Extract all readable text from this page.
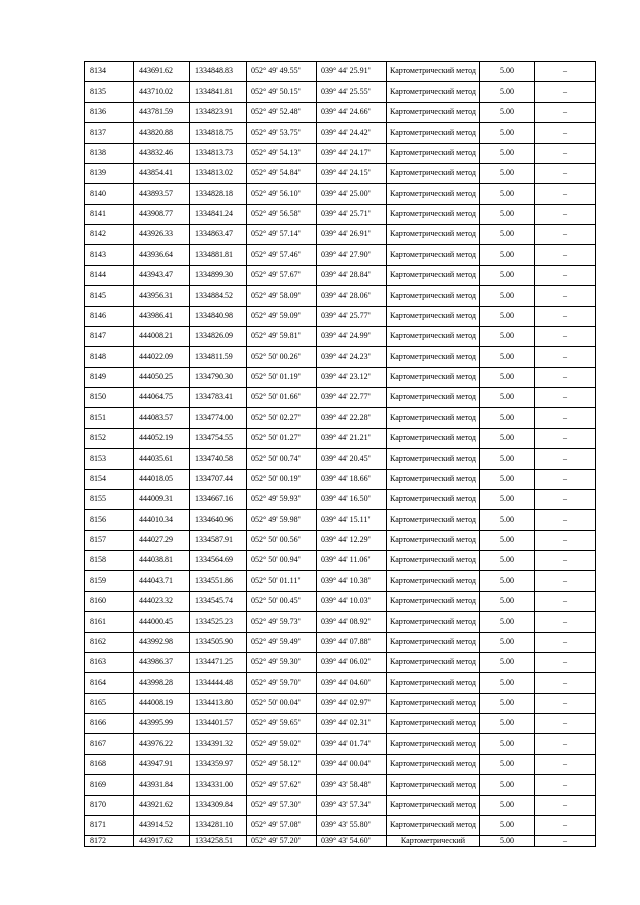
8134	443691.62	1334848.83	052° 49' 49.55"	039° 44' 25.91"	Картометрический метод	5.00	–
8135	443710.02	1334841.81	052° 49' 50.15"	039° 44' 25.55"	Картометрический метод	5.00	–
8136	443781.59	1334823.91	052° 49' 52.48"	039° 44' 24.66"	Картометрический метод	5.00	–
8137	443820.88	1334818.75	052° 49' 53.75"	039° 44' 24.42"	Картометрический метод	5.00	–
8138	443832.46	1334813.73	052° 49' 54.13"	039° 44' 24.17"	Картометрический метод	5.00	–
8139	443854.41	1334813.02	052° 49' 54.84"	039° 44' 24.15"	Картометрический метод	5.00	–
8140	443893.57	1334828.18	052° 49' 56.10"	039° 44' 25.00"	Картометрический метод	5.00	–
8141	443908.77	1334841.24	052° 49' 56.58"	039° 44' 25.71"	Картометрический метод	5.00	–
8142	443926.33	1334863.47	052° 49' 57.14"	039° 44' 26.91"	Картометрический метод	5.00	–
8143	443936.64	1334881.81	052° 49' 57.46"	039° 44' 27.90"	Картометрический метод	5.00	–
8144	443943.47	1334899.30	052° 49' 57.67"	039° 44' 28.84"	Картометрический метод	5.00	–
8145	443956.31	1334884.52	052° 49' 58.09"	039° 44' 28.06"	Картометрический метод	5.00	–
8146	443986.41	1334840.98	052° 49' 59.09"	039° 44' 25.77"	Картометрический метод	5.00	–
8147	444008.21	1334826.09	052° 49' 59.81"	039° 44' 24.99"	Картометрический метод	5.00	–
8148	444022.09	1334811.59	052° 50' 00.26"	039° 44' 24.23"	Картометрический метод	5.00	–
8149	444050.25	1334790.30	052° 50' 01.19"	039° 44' 23.12"	Картометрический метод	5.00	–
8150	444064.75	1334783.41	052° 50' 01.66"	039° 44' 22.77"	Картометрический метод	5.00	–
8151	444083.57	1334774.00	052° 50' 02.27"	039° 44' 22.28"	Картометрический метод	5.00	–
8152	444052.19	1334754.55	052° 50' 01.27"	039° 44' 21.21"	Картометрический метод	5.00	–
8153	444035.61	1334740.58	052° 50' 00.74"	039° 44' 20.45"	Картометрический метод	5.00	–
8154	444018.05	1334707.44	052° 50' 00.19"	039° 44' 18.66"	Картометрический метод	5.00	–
8155	444009.31	1334667.16	052° 49' 59.93"	039° 44' 16.50"	Картометрический метод	5.00	–
8156	444010.34	1334640.96	052° 49' 59.98"	039° 44' 15.11"	Картометрический метод	5.00	–
8157	444027.29	1334587.91	052° 50' 00.56"	039° 44' 12.29"	Картометрический метод	5.00	–
8158	444038.81	1334564.69	052° 50' 00.94"	039° 44' 11.06"	Картометрический метод	5.00	–
8159	444043.71	1334551.86	052° 50' 01.11"	039° 44' 10.38"	Картометрический метод	5.00	–
8160	444023.32	1334545.74	052° 50' 00.45"	039° 44' 10.03"	Картометрический метод	5.00	–
8161	444000.45	1334525.23	052° 49' 59.73"	039° 44' 08.92"	Картометрический метод	5.00	–
8162	443992.98	1334505.90	052° 49' 59.49"	039° 44' 07.88"	Картометрический метод	5.00	–
8163	443986.37	1334471.25	052° 49' 59.30"	039° 44' 06.02"	Картометрический метод	5.00	–
8164	443998.28	1334444.48	052° 49' 59.70"	039° 44' 04.60"	Картометрический метод	5.00	–
8165	444008.19	1334413.80	052° 50' 00.04"	039° 44' 02.97"	Картометрический метод	5.00	–
8166	443995.99	1334401.57	052° 49' 59.65"	039° 44' 02.31"	Картометрический метод	5.00	–
8167	443976.22	1334391.32	052° 49' 59.02"	039° 44' 01.74"	Картометрический метод	5.00	–
8168	443947.91	1334359.97	052° 49' 58.12"	039° 44' 00.04"	Картометрический метод	5.00	–
8169	443931.84	1334331.00	052° 49' 57.62"	039° 43' 58.48"	Картометрический метод	5.00	–
8170	443921.62	1334309.84	052° 49' 57.30"	039° 43' 57.34"	Картометрический метод	5.00	–
8171	443914.52	1334281.10	052° 49' 57.08"	039° 43' 55.80"	Картометрический метод	5.00	–
8172	443917.62	1334258.51	052° 49' 57.20"	039° 43' 54.60"	Картометрический	5.00	–
